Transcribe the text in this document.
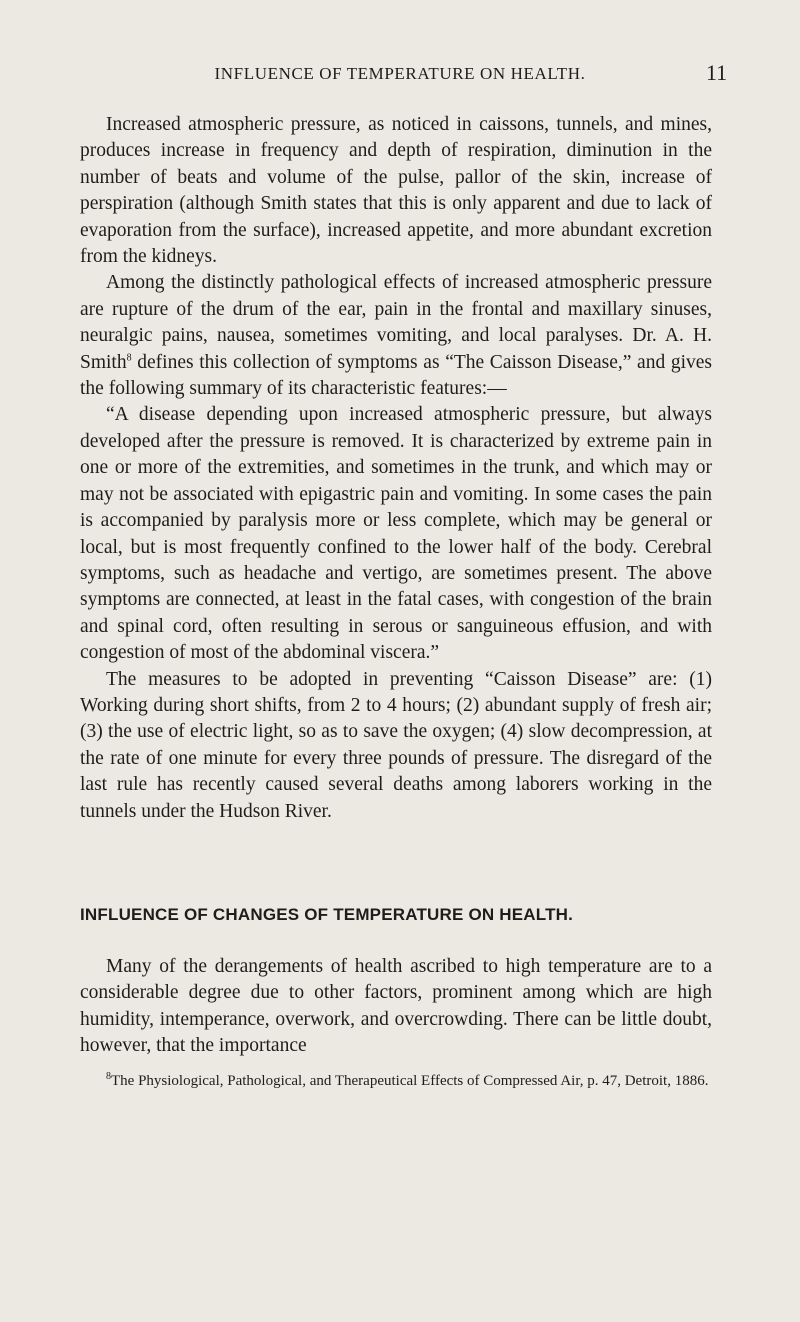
INFLUENCE OF TEMPERATURE ON HEALTH.	11

Increased atmospheric pressure, as noticed in caissons, tunnels, and mines, produces increase in frequency and depth of respiration, diminution in the number of beats and volume of the pulse, pallor of the skin, increase of perspiration (although Smith states that this is only apparent and due to lack of evaporation from the surface), increased appetite, and more abundant excretion from the kidneys.

Among the distinctly pathological effects of increased atmospheric pressure are rupture of the drum of the ear, pain in the frontal and maxillary sinuses, neuralgic pains, nausea, sometimes vomiting, and local paralyses. Dr. A. H. Smith$^8$ defines this collection of symptoms as “The Caisson Disease,” and gives the following summary of its characteristic features:—

“A disease depending upon increased atmospheric pressure, but always developed after the pressure is removed. It is characterized by extreme pain in one or more of the extremities, and sometimes in the trunk, and which may or may not be associated with epigastric pain and vomiting. In some cases the pain is accompanied by paralysis more or less complete, which may be general or local, but is most frequently confined to the lower half of the body. Cerebral symptoms, such as headache and vertigo, are sometimes present. The above symptoms are connected, at least in the fatal cases, with congestion of the brain and spinal cord, often resulting in serous or sanguineous effusion, and with congestion of most of the abdominal viscera.”

The measures to be adopted in preventing “Caisson Disease” are: (1) Working during short shifts, from 2 to 4 hours; (2) abundant supply of fresh air; (3) the use of electric light, so as to save the oxygen; (4) slow decompression, at the rate of one minute for every three pounds of pressure. The disregard of the last rule has recently caused several deaths among laborers working in the tunnels under the Hudson River.

INFLUENCE OF CHANGES OF TEMPERATURE ON HEALTH.

Many of the derangements of health ascribed to high temperature are to a considerable degree due to other factors, prominent among which are high humidity, intemperance, overwork, and overcrowding. There can be little doubt, however, that the importance

$^8$The Physiological, Pathological, and Therapeutical Effects of Compressed Air, p. 47, Detroit, 1886.
